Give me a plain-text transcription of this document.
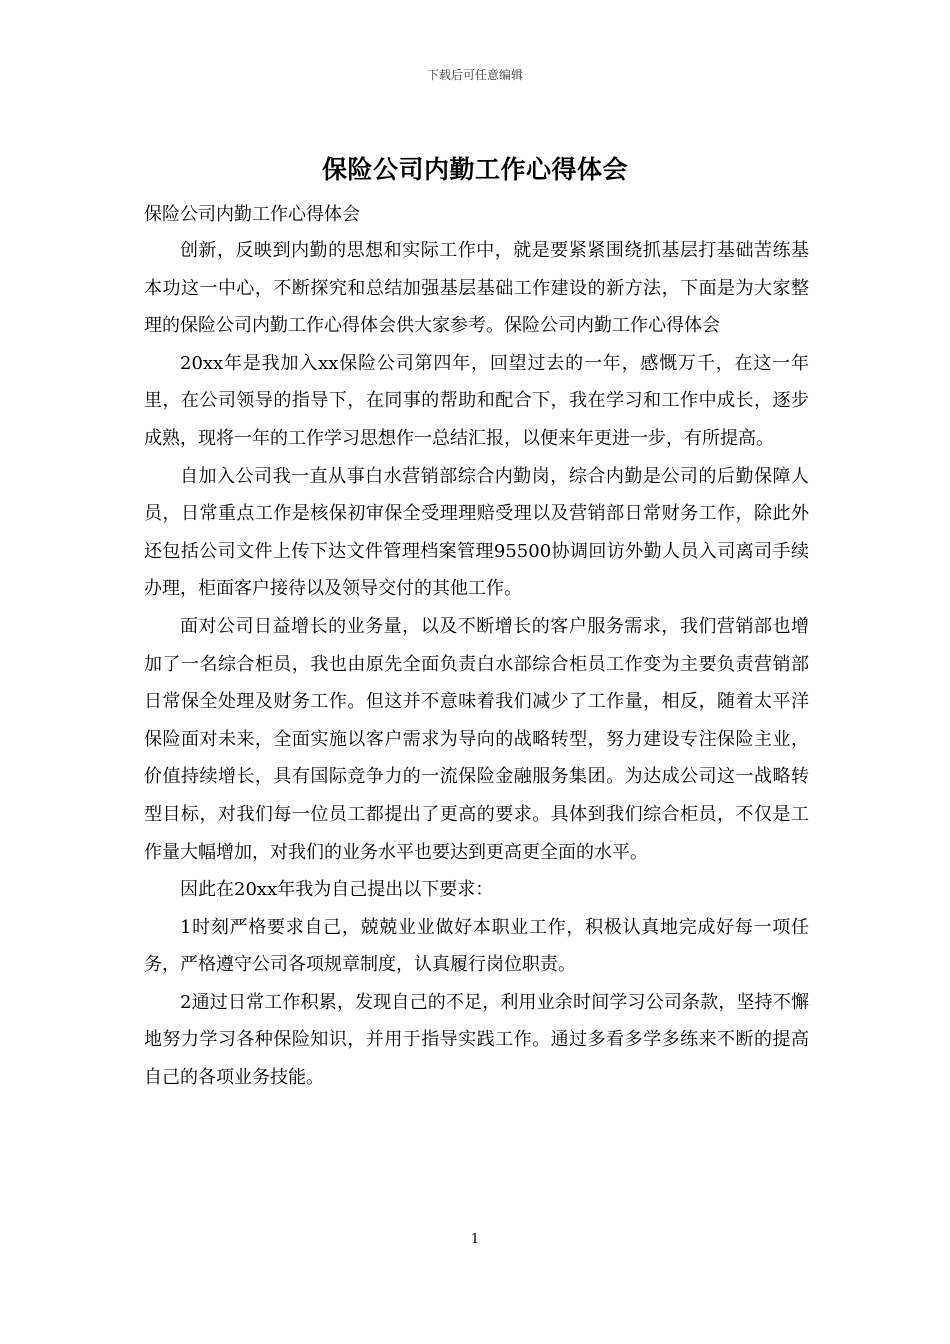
下载后可任意编辑
保险公司内勤工作心得体会
保险公司内勤工作心得体会

创新，反映到内勤的思想和实际工作中，就是要紧紧围绕抓基层打基础苦练基本功这一中心，不断探究和总结加强基层基础工作建设的新方法，下面是为大家整理的保险公司内勤工作心得体会供大家参考。保险公司内勤工作心得体会

20xx年是我加入xx保险公司第四年，回望过去的一年，感慨万千，在这一年里，在公司领导的指导下，在同事的帮助和配合下，我在学习和工作中成长，逐步成熟，现将一年的工作学习思想作一总结汇报，以便来年更进一步，有所提高。

自加入公司我一直从事白水营销部综合内勤岗，综合内勤是公司的后勤保障人员，日常重点工作是核保初审保全受理理赔受理以及营销部日常财务工作，除此外还包括公司文件上传下达文件管理档案管理95500协调回访外勤人员入司离司手续办理，柜面客户接待以及领导交付的其他工作。

面对公司日益增长的业务量，以及不断增长的客户服务需求，我们营销部也增加了一名综合柜员，我也由原先全面负责白水部综合柜员工作变为主要负责营销部日常保全处理及财务工作。但这并不意味着我们减少了工作量，相反，随着太平洋保险面对未来，全面实施以客户需求为导向的战略转型，努力建设专注保险主业，价值持续增长，具有国际竞争力的一流保险金融服务集团。为达成公司这一战略转型目标，对我们每一位员工都提出了更高的要求。具体到我们综合柜员，不仅是工作量大幅增加，对我们的业务水平也要达到更高更全面的水平。

因此在20xx年我为自己提出以下要求：

1时刻严格要求自己，兢兢业业做好本职业工作，积极认真地完成好每一项任务，严格遵守公司各项规章制度，认真履行岗位职责。

2通过日常工作积累，发现自己的不足，利用业余时间学习公司条款，坚持不懈地努力学习各种保险知识，并用于指导实践工作。通过多看多学多练来不断的提高自己的各项业务技能。

1
